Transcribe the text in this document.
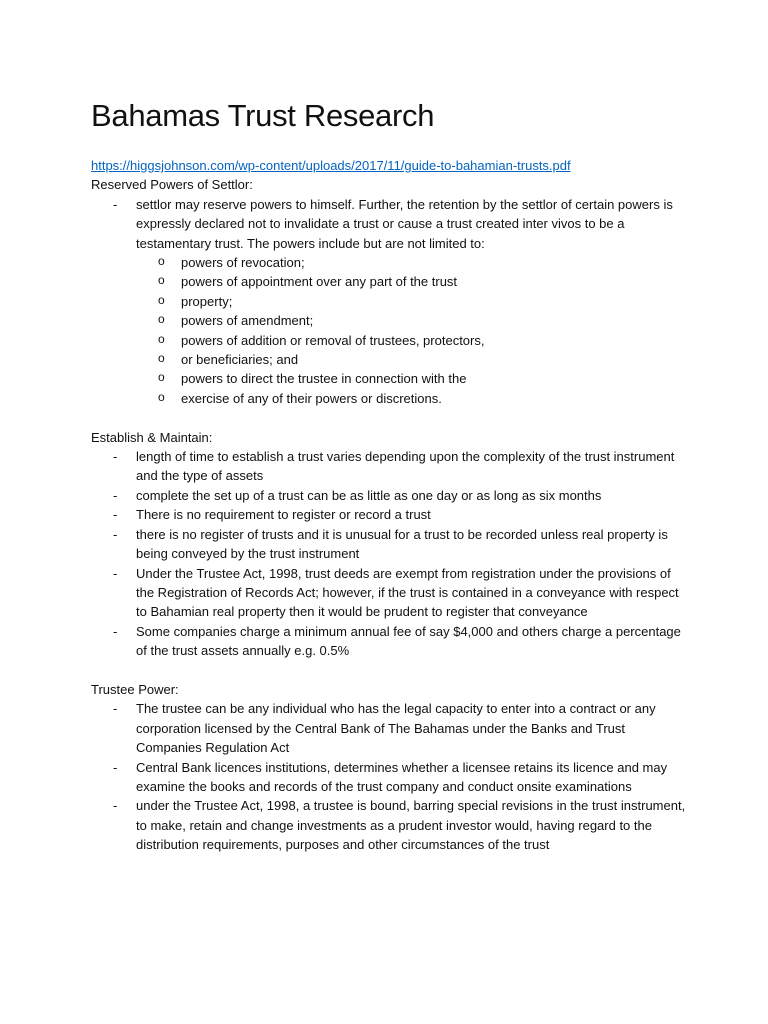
Bahamas Trust Research
https://higgsjohnson.com/wp-content/uploads/2017/11/guide-to-bahamian-trusts.pdf
Reserved Powers of Settlor:
- settlor may reserve powers to himself. Further, the retention by the settlor of certain powers is expressly declared not to invalidate a trust or cause a trust created inter vivos to be a testamentary trust. The powers include but are not limited to:
o powers of revocation;
o powers of appointment over any part of the trust
o property;
o powers of amendment;
o powers of addition or removal of trustees, protectors,
o or beneficiaries; and
o powers to direct the trustee in connection with the
o exercise of any of their powers or discretions.
Establish & Maintain:
- length of time to establish a trust varies depending upon the complexity of the trust instrument and the type of assets
- complete the set up of a trust can be as little as one day or as long as six months
- There is no requirement to register or record a trust
- there is no register of trusts and it is unusual for a trust to be recorded unless real property is being conveyed by the trust instrument
- Under the Trustee Act, 1998, trust deeds are exempt from registration under the provisions of the Registration of Records Act; however, if the trust is contained in a conveyance with respect to Bahamian real property then it would be prudent to register that conveyance
- Some companies charge a minimum annual fee of say $4,000 and others charge a percentage of the trust assets annually e.g. 0.5%
Trustee Power:
- The trustee can be any individual who has the legal capacity to enter into a contract or any corporation licensed by the Central Bank of The Bahamas under the Banks and Trust Companies Regulation Act
- Central Bank licences institutions, determines whether a licensee retains its licence and may examine the books and records of the trust company and conduct onsite examinations
- under the Trustee Act, 1998, a trustee is bound, barring special revisions in the trust instrument, to make, retain and change investments as a prudent investor would, having regard to the distribution requirements, purposes and other circumstances of the trust
